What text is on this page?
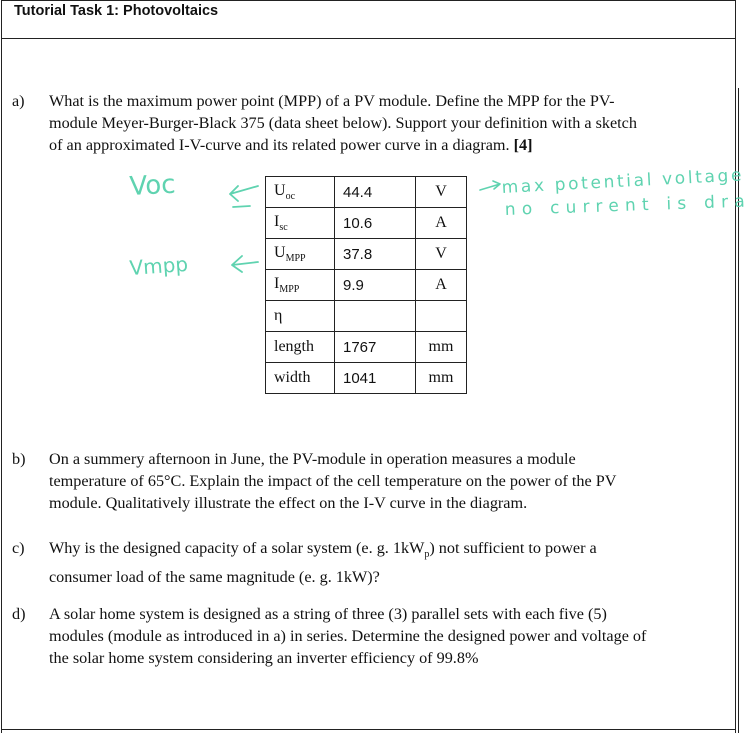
Tutorial Task 1: Photovoltaics
a) What is the maximum power point (MPP) of a PV module. Define the MPP for the PV-
module Meyer-Burger-Black 375 (data sheet below). Support your definition with a sketch
of an approximated I-V-curve and its related power curve in a diagram. [4]
$U_{oc}$	44.4	V
$I_{sc}$	10.6	A
$U_{MPP}$	37.8	V
$I_{MPP}$	9.9	A
η		
length	1767	mm
width	1041	mm
Voc
Vmpp
max potential voltage
no current is dra
b) On a summery afternoon in June, the PV-module in operation measures a module
temperature of 65°C. Explain the impact of the cell temperature on the power of the PV
module. Qualitatively illustrate the effect on the I-V curve in the diagram.
c) Why is the designed capacity of a solar system (e. g. $1kW_p$) not sufficient to power a
consumer load of the same magnitude (e. g. 1kW)?
d) A solar home system is designed as a string of three (3) parallel sets with each five (5)
modules (module as introduced in a) in series. Determine the designed power and voltage of
the solar home system considering an inverter efficiency of 99.8%
